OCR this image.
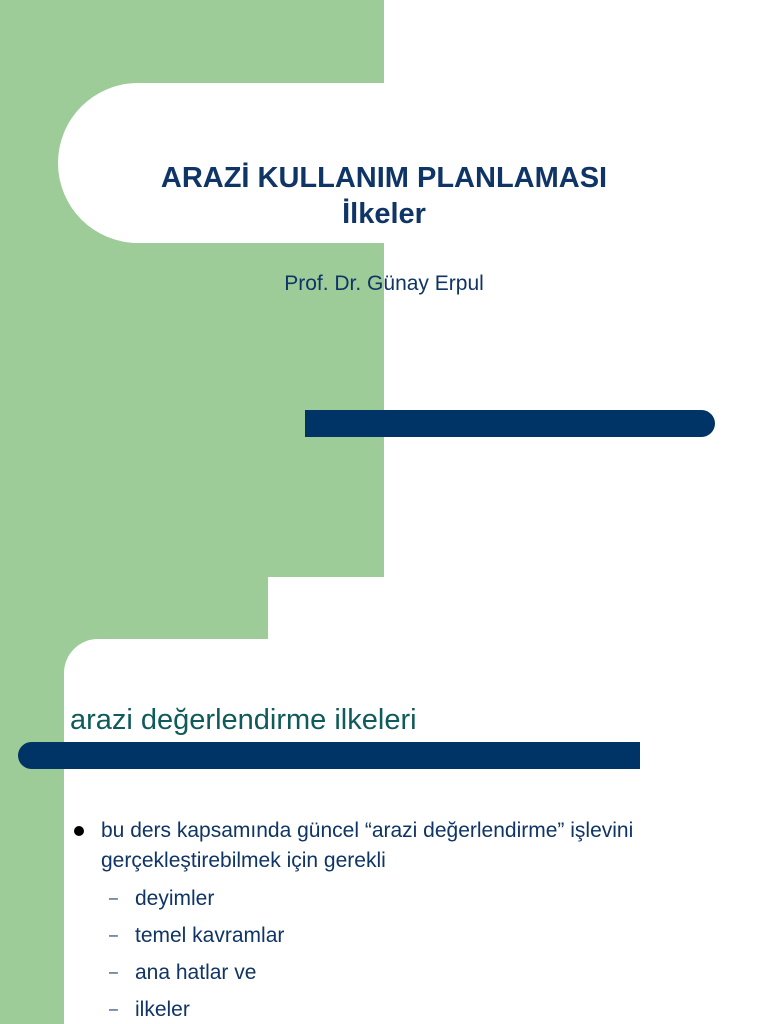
ARAZİ KULLANIM PLANLAMASI
İlkeler

Prof. Dr. Günay Erpul

arazi değerlendirme ilkeleri
bu ders kapsamında güncel “arazi değerlendirme” işlevini gerçekleştirebilmek için gerekli
– deyimler
– temel kavramlar
– ana hatlar ve
– ilkeler
